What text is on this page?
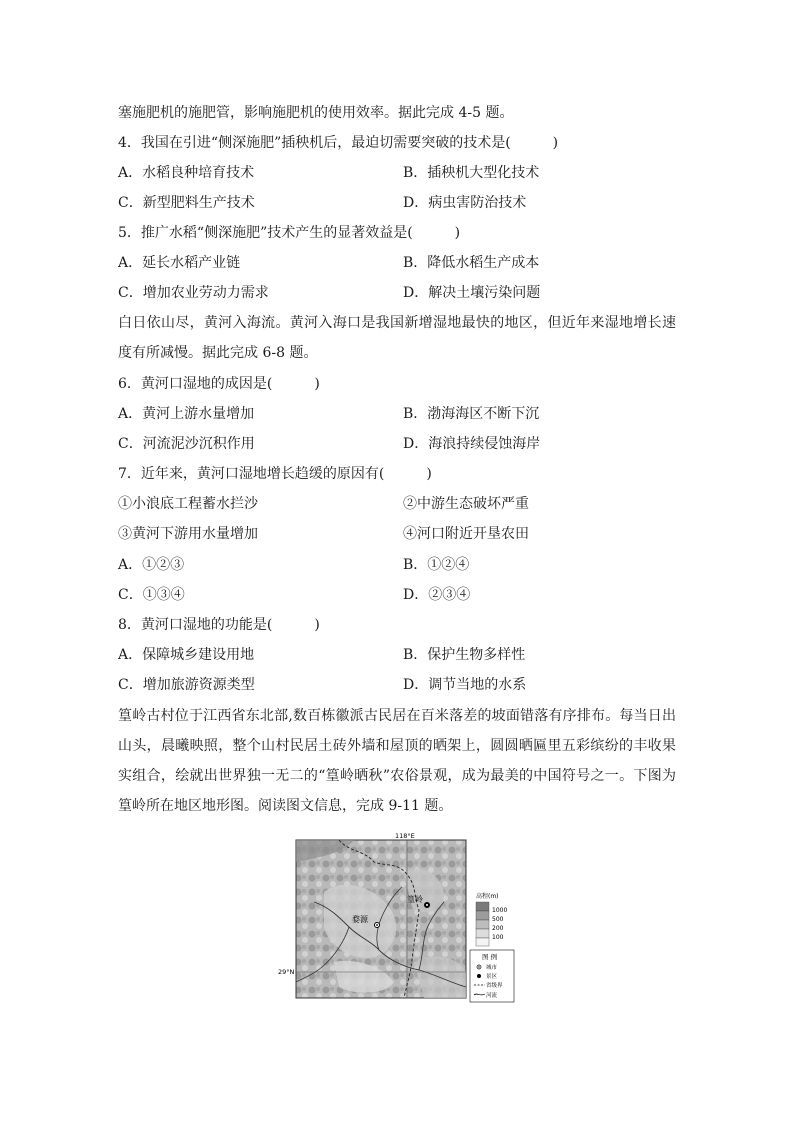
塞施肥机的施肥管，影响施肥机的使用效率。据此完成 4-5 题。
4．我国在引进“侧深施肥”插秧机后，最迫切需要突破的技术是(　　　)
A．水稻良种培育技术	B．插秧机大型化技术
C．新型肥料生产技术	D．病虫害防治技术
5．推广水稻“侧深施肥”技术产生的显著效益是(　　　)
A．延长水稻产业链	B．降低水稻生产成本
C．增加农业劳动力需求	D．解决土壤污染问题
白日依山尽，黄河入海流。黄河入海口是我国新增湿地最快的地区，但近年来湿地增长速度有所减慢。据此完成 6-8 题。
6．黄河口湿地的成因是(　　　)
A．黄河上游水量增加	B．渤海海区不断下沉
C．河流泥沙沉积作用	D．海浪持续侵蚀海岸
7．近年来，黄河口湿地增长趋缓的原因有(　　　)
①小浪底工程蓄水拦沙	②中游生态破坏严重
③黄河下游用水量增加	④河口附近开垦农田
A．①②③	B．①②④
C．①③④	D．②③④
8．黄河口湿地的功能是(　　　)
A．保障城乡建设用地	B．保护生物多样性
C．增加旅游资源类型	D．调节当地的水系
篁岭古村位于江西省东北部,数百栋徽派古民居在百米落差的坡面错落有序排布。每当日出山头，晨曦映照，整个山村民居土砖外墙和屋顶的晒架上，圆圆晒匾里五彩缤纷的丰收果实组合，绘就出世界独一无二的“篁岭晒秋”农俗景观，成为最美的中国符号之一。下图为篁岭所在地区地形图。阅读图文信息，完成 9-11 题。
婺源
篁岭
118°E
29°N
高程(m)
1000
500
200
100
图 例
城市
景区
省级界
河流
